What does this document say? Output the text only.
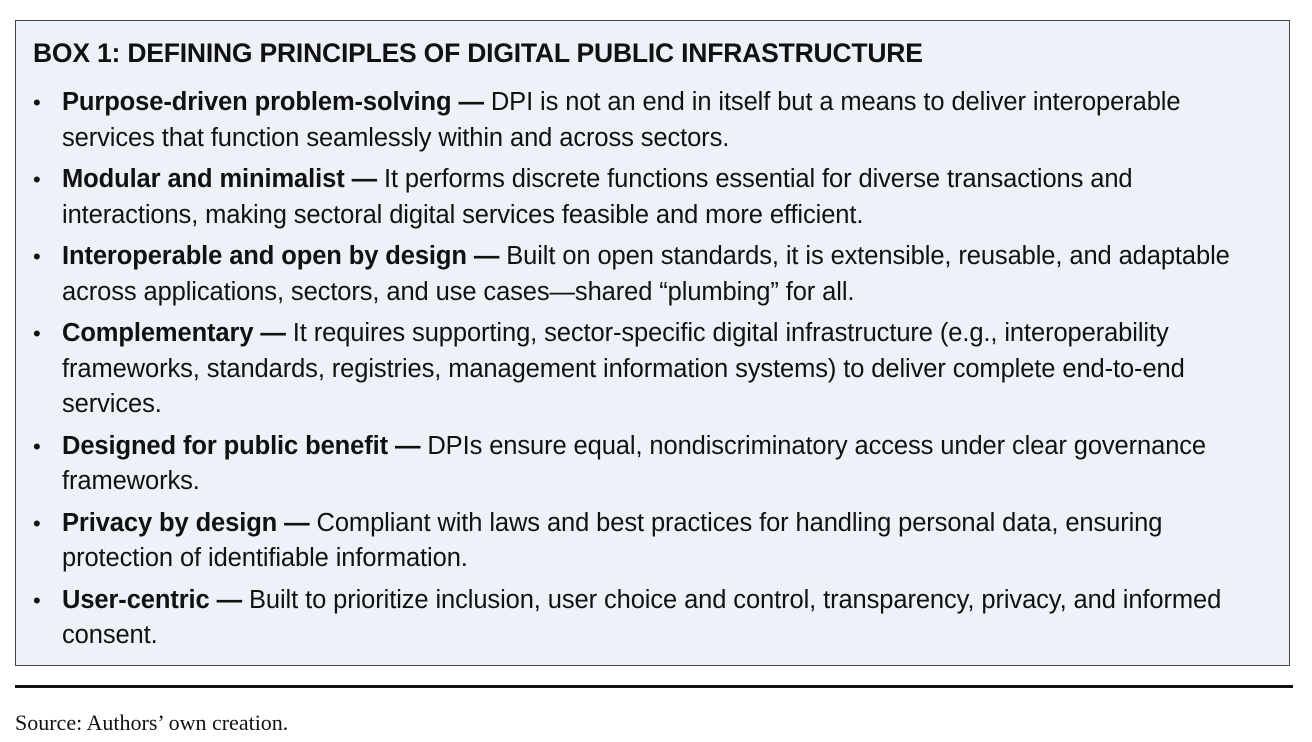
BOX 1: DEFINING PRINCIPLES OF DIGITAL PUBLIC INFRASTRUCTURE
• Purpose-driven problem-solving — DPI is not an end in itself but a means to deliver interoperable services that function seamlessly within and across sectors.
• Modular and minimalist — It performs discrete functions essential for diverse transactions and interactions, making sectoral digital services feasible and more efficient.
• Interoperable and open by design — Built on open standards, it is extensible, reusable, and adaptable across applications, sectors, and use cases—shared “plumbing” for all.
• Complementary — It requires supporting, sector-specific digital infrastructure (e.g., interoperability frameworks, standards, registries, management information systems) to deliver complete end-to-end services.
• Designed for public benefit — DPIs ensure equal, nondiscriminatory access under clear governance frameworks.
• Privacy by design — Compliant with laws and best practices for handling personal data, ensuring protection of identifiable information.
• User-centric — Built to prioritize inclusion, user choice and control, transparency, privacy, and informed consent.
Source: Authors’ own creation.
